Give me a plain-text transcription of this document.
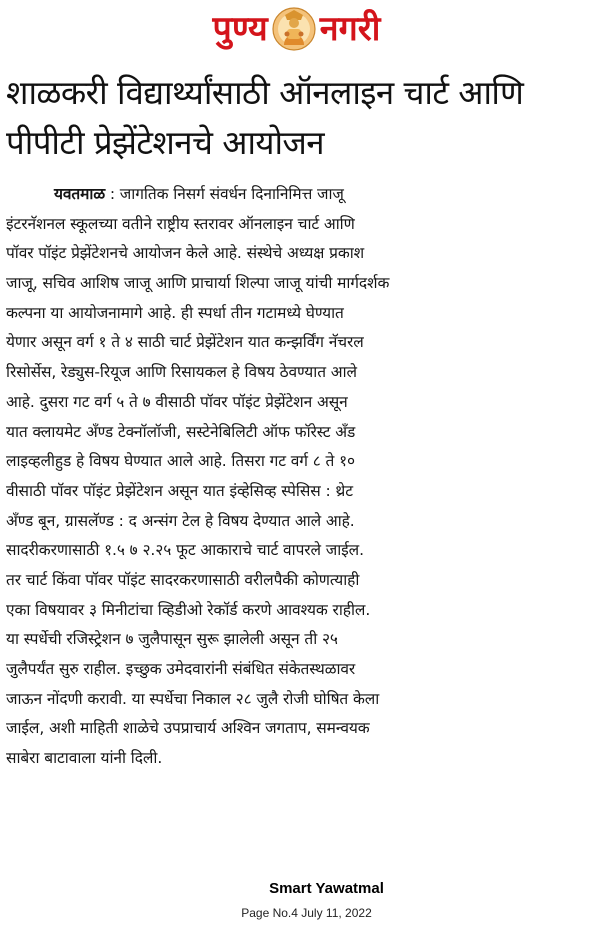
पुण्य नगरी
शाळकरी विद्यार्थ्यांसाठी ऑनलाइन चार्ट आणि
पीपीटी प्रेझेंटेशनचे आयोजन
यवतमाळ : जागतिक निसर्ग संवर्धन दिनानिमित्त जाजू
इंटरनॅशनल स्कूलच्या वतीने राष्ट्रीय स्तरावर ऑनलाइन चार्ट आणि
पॉवर पॉइंट प्रेझेंटेशनचे आयोजन केले आहे. संस्थेचे अध्यक्ष प्रकाश
जाजू, सचिव आशिष जाजू आणि प्राचार्या शिल्पा जाजू यांची मार्गदर्शक
कल्पना या आयोजनामागे आहे. ही स्पर्धा तीन गटामध्ये घेण्यात
येणार असून वर्ग १ ते ४ साठी चार्ट प्रेझेंटेशन यात कन्झर्विंग नॅचरल
रिसोर्सेस, रेड्युस-रियूज आणि रिसायकल हे विषय ठेवण्यात आले
आहे. दुसरा गट वर्ग ५ ते ७ वीसाठी पॉवर पॉइंट प्रेझेंटेशन असून
यात क्लायमेट अँण्ड टेक्नॉलॉजी, सस्टेनेबिलिटी ऑफ फॉरेस्ट अँड
लाइव्हलीहुड हे विषय घेण्यात आले आहे. तिसरा गट वर्ग ८ ते १०
वीसाठी पॉवर पॉइंट प्रेझेंटेशन असून यात इंव्हेसिव्ह स्पेसिस : थ्रेट
अँण्ड बून, ग्रासलॅण्ड : द अन्संग टेल हे विषय देण्यात आले आहे.
सादरीकरणासाठी १.५ ७ २.२५ फूट आकाराचे चार्ट वापरले जाईल.
तर चार्ट किंवा पॉवर पॉइंट सादरकरणासाठी वरीलपैकी कोणत्याही
एका विषयावर ३ मिनीटांचा व्हिडीओ रेकॉर्ड करणे आवश्यक राहील.
या स्पर्धेची रजिस्ट्रेशन ७ जुलैपासून सुरू झालेली असून ती २५
जुलैपर्यंत सुरु राहील. इच्छुक उमेदवारांनी संबंधित संकेतस्थळावर
जाऊन नोंदणी करावी. या स्पर्धेचा निकाल २८ जुलै रोजी घोषित केला
जाईल, अशी माहिती शाळेचे उपप्राचार्य अश्विन जगताप, समन्वयक
साबेरा बाटावाला यांनी दिली.
Smart Yawatmal
Page No.4 July 11, 2022
